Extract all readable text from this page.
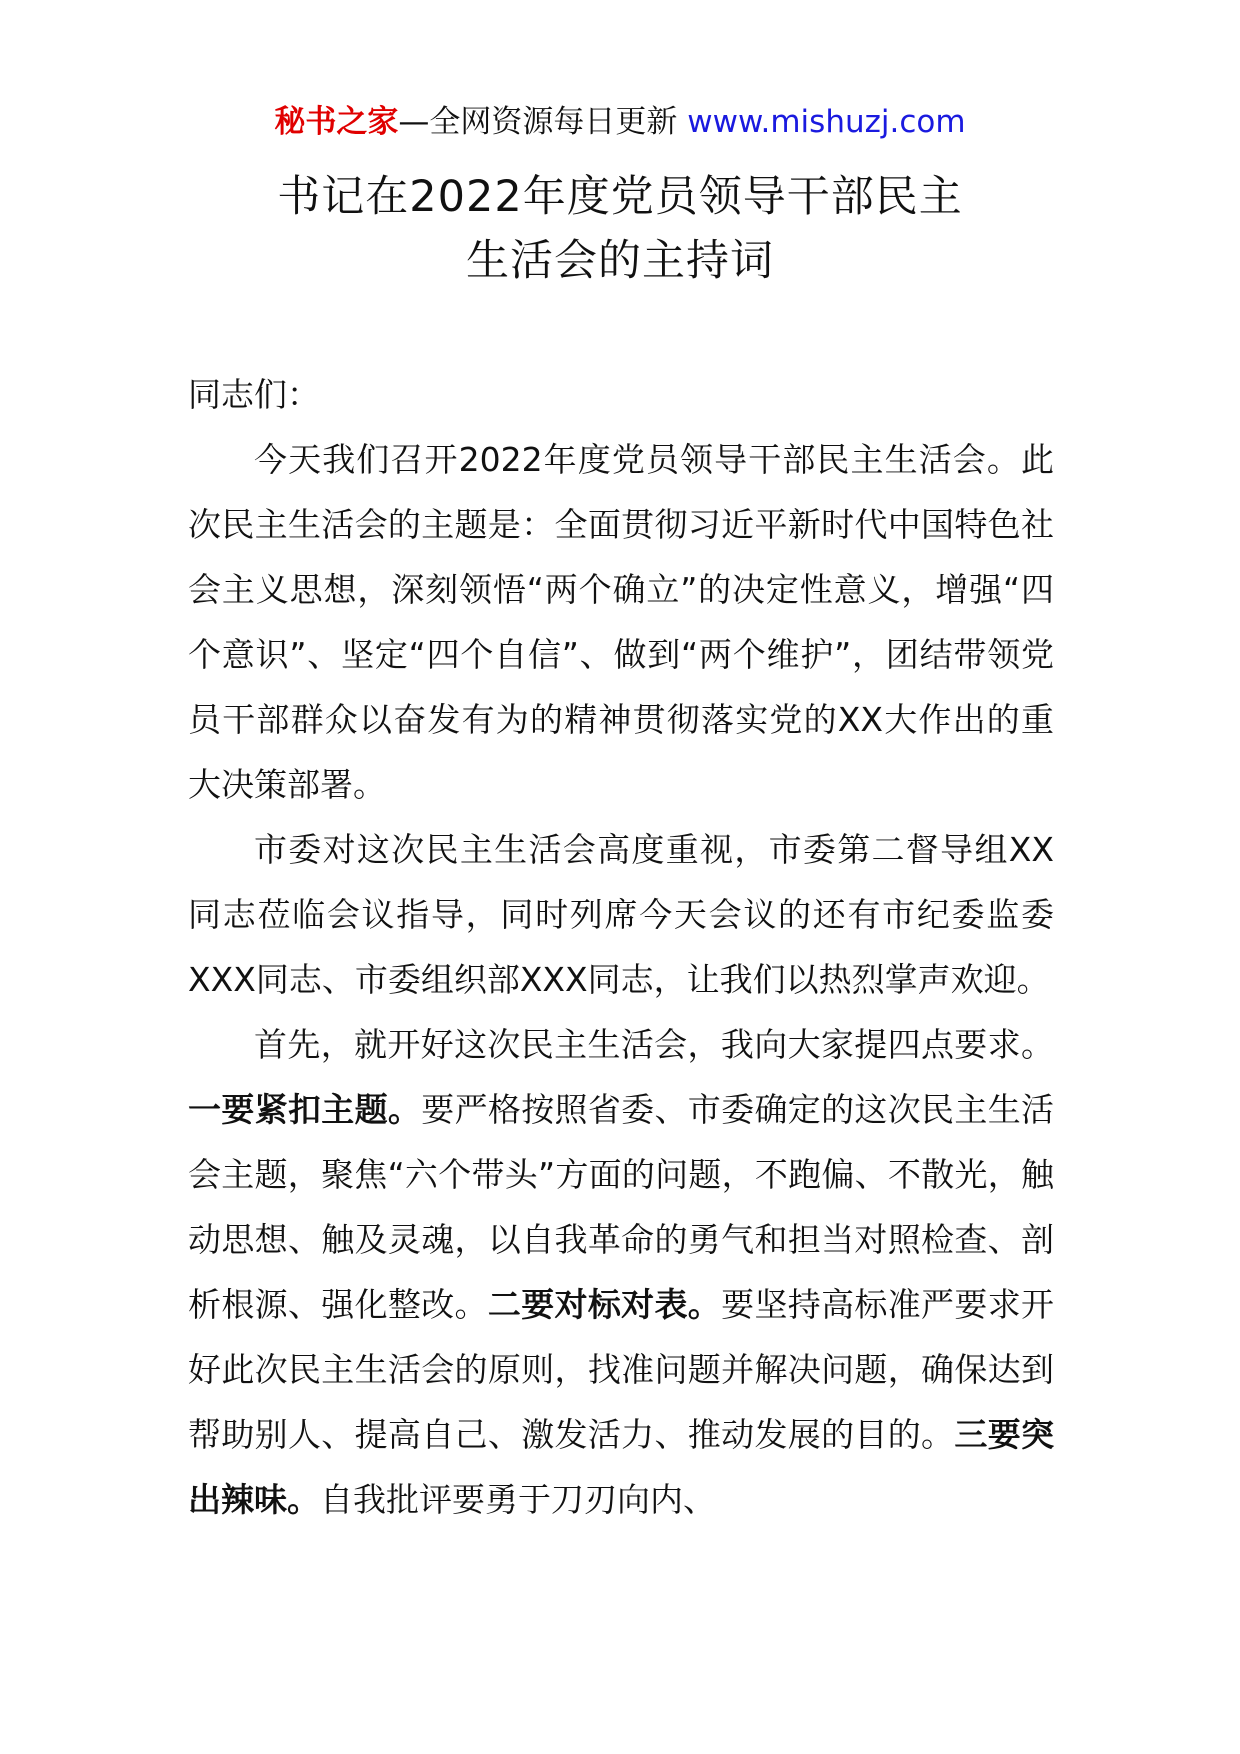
秘书之家—全网资源每日更新 www.mishuzj.com
书记在2022年度党员领导干部民主
生活会的主持词

同志们：

今天我们召开2022年度党员领导干部民主生活会。此次民主生活会的主题是：全面贯彻习近平新时代中国特色社会主义思想，深刻领悟“两个确立”的决定性意义，增强“四个意识”、坚定“四个自信”、做到“两个维护”，团结带领党员干部群众以奋发有为的精神贯彻落实党的XX大作出的重大决策部署。

市委对这次民主生活会高度重视，市委第二督导组XX同志莅临会议指导，同时列席今天会议的还有市纪委监委XXX同志、市委组织部XXX同志，让我们以热烈掌声欢迎。

首先，就开好这次民主生活会，我向大家提四点要求。一要紧扣主题。要严格按照省委、市委确定的这次民主生活会主题，聚焦“六个带头”方面的问题，不跑偏、不散光，触动思想、触及灵魂，以自我革命的勇气和担当对照检查、剖析根源、强化整改。二要对标对表。要坚持高标准严要求开好此次民主生活会的原则，找准问题并解决问题，确保达到帮助别人、提高自己、激发活力、推动发展的目的。三要突出辣味。自我批评要勇于刀刃向内、
